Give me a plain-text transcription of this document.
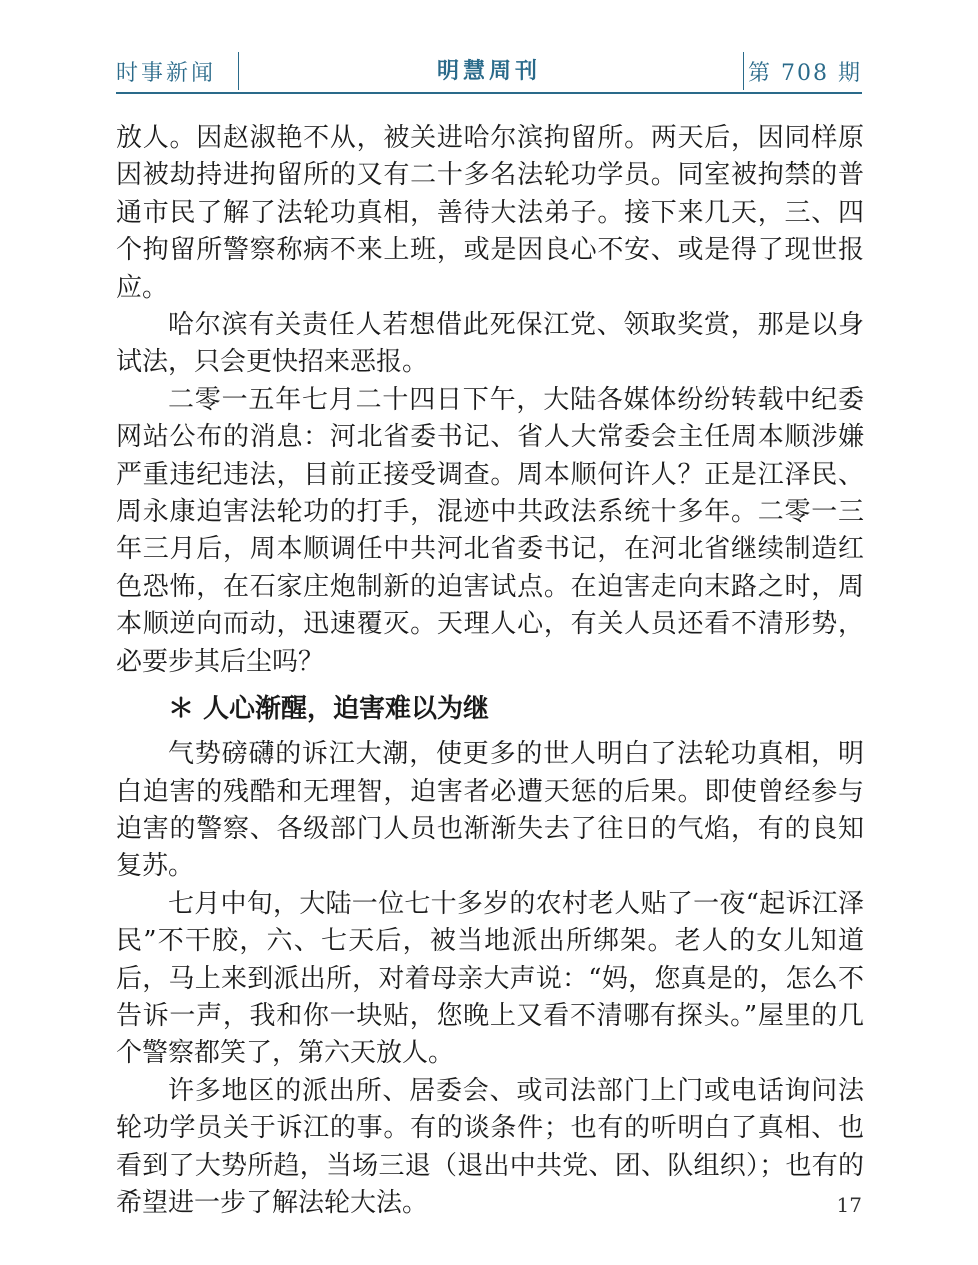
时事新闻	明慧周刊	第 708 期

放人。因赵淑艳不从，被关进哈尔滨拘留所。两天后，因同样原因被劫持进拘留所的又有二十多名法轮功学员。同室被拘禁的普通市民了解了法轮功真相，善待大法弟子。接下来几天，三、四个拘留所警察称病不来上班，或是因良心不安、或是得了现世报应。

哈尔滨有关责任人若想借此死保江党、领取奖赏，那是以身试法，只会更快招来恶报。

二零一五年七月二十四日下午，大陆各媒体纷纷转载中纪委网站公布的消息：河北省委书记、省人大常委会主任周本顺涉嫌严重违纪违法，目前正接受调查。周本顺何许人？正是江泽民、周永康迫害法轮功的打手，混迹中共政法系统十多年。二零一三年三月后，周本顺调任中共河北省委书记，在河北省继续制造红色恐怖，在石家庄炮制新的迫害试点。在迫害走向末路之时，周本顺逆向而动，迅速覆灭。天理人心，有关人员还看不清形势，必要步其后尘吗？

＊ 人心渐醒，迫害难以为继

气势磅礴的诉江大潮，使更多的世人明白了法轮功真相，明白迫害的残酷和无理智，迫害者必遭天惩的后果。即使曾经参与迫害的警察、各级部门人员也渐渐失去了往日的气焰，有的良知复苏。

七月中旬，大陆一位七十多岁的农村老人贴了一夜“起诉江泽民”不干胶，六、七天后，被当地派出所绑架。老人的女儿知道后，马上来到派出所，对着母亲大声说：“妈，您真是的，怎么不告诉一声，我和你一块贴，您晚上又看不清哪有探头。”屋里的几个警察都笑了，第六天放人。

许多地区的派出所、居委会、或司法部门上门或电话询问法轮功学员关于诉江的事。有的谈条件；也有的听明白了真相、也看到了大势所趋，当场三退（退出中共党、团、队组织）；也有的希望进一步了解法轮大法。	17
